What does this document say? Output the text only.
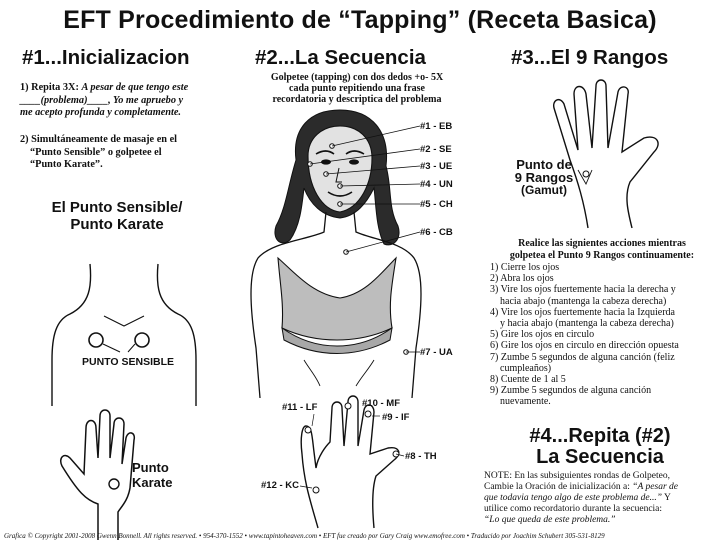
EFT Procedimiento de “Tapping” (Receta Basica)
#1...Inicializacion
1) Repita 3X: A pesar de que tengo este
____(problema)____, Yo me apruebo y
me acepto profunda y completamente.
2) Simultáneamente de masaje en el
“Punto Sensible” o golpetee el
“Punto Karate”.
El Punto Sensible/
Punto Karate
PUNTO SENSIBLE
Punto
Karate
#2...La Secuencia
Golpetee (tapping) con dos dedos +o- 5X
cada punto repitiendo una frase
recordatoria y descriptica del problema
#1 - EB
#2 - SE
#3 - UE
#4 - UN
#5 - CH
#6 - CB
#7 - UA
#11 - LF	#10 - MF
#9 - IF
#8 - TH
#12 - KC
#3...El 9 Rangos
Punto de
9 Rangos
(Gamut)
Realice las signientes acciones mientras
golpetea el Punto 9 Rangos continuamente:
1) Cierre los ojos
2) Abra los ojos
3) Vire los ojos fuertemente hacia la derecha y
hacia abajo (mantenga la cabeza derecha)
4) Vire los ojos fuertemente hacia la Izquierda
y hacia abajo (mantenga la cabeza derecha)
5) Gire los ojos en circulo
6) Gire los ojos en circulo en dirección opuesta
7) Zumbe 5 segundos de alguna canción (feliz
cumpleaños)
8) Cuente de 1 al 5
9) Zumbe 5 segundos de alguna canción
nuevamente.
#4...Repita (#2)
La Secuencia
NOTE: En las subsiguientes rondas de Golpeteo,
Cambie la Oración de inicialización a: “A pesar de
que todavia tengo algo de este problema de...” Y
utilice como recordatorio durante la secuencia:
“Lo que queda de este problema.”
Grafica © Copyright 2001-2008 Gwenn Bonnell. All rights reserved. • 954-370-1552 • www.tapintoheaven.com • EFT fue creado por Gary Craig www.emofree.com • Traducido por Joachim Schubert 305-531-8129
